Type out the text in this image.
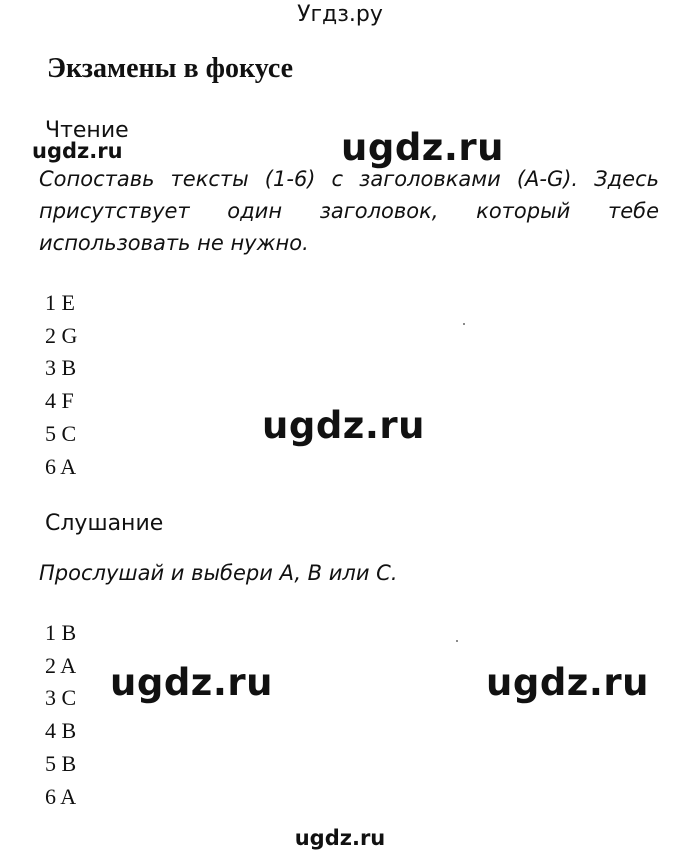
Угдз.ру
Экзамены в фокусе
Чтение
ugdz.ru	ugdz.ru
Сопоставь тексты (1-6) с заголовками (A-G). Здесь присутствует один заголовок, который тебе использовать не нужно.
1 E
2 G
3 B
4 F
5 C
6 A
ugdz.ru
Слушание
Прослушай и выбери A, B или C.
1 B
2 A
3 C
4 B
5 B
6 A
ugdz.ru	ugdz.ru
ugdz.ru
